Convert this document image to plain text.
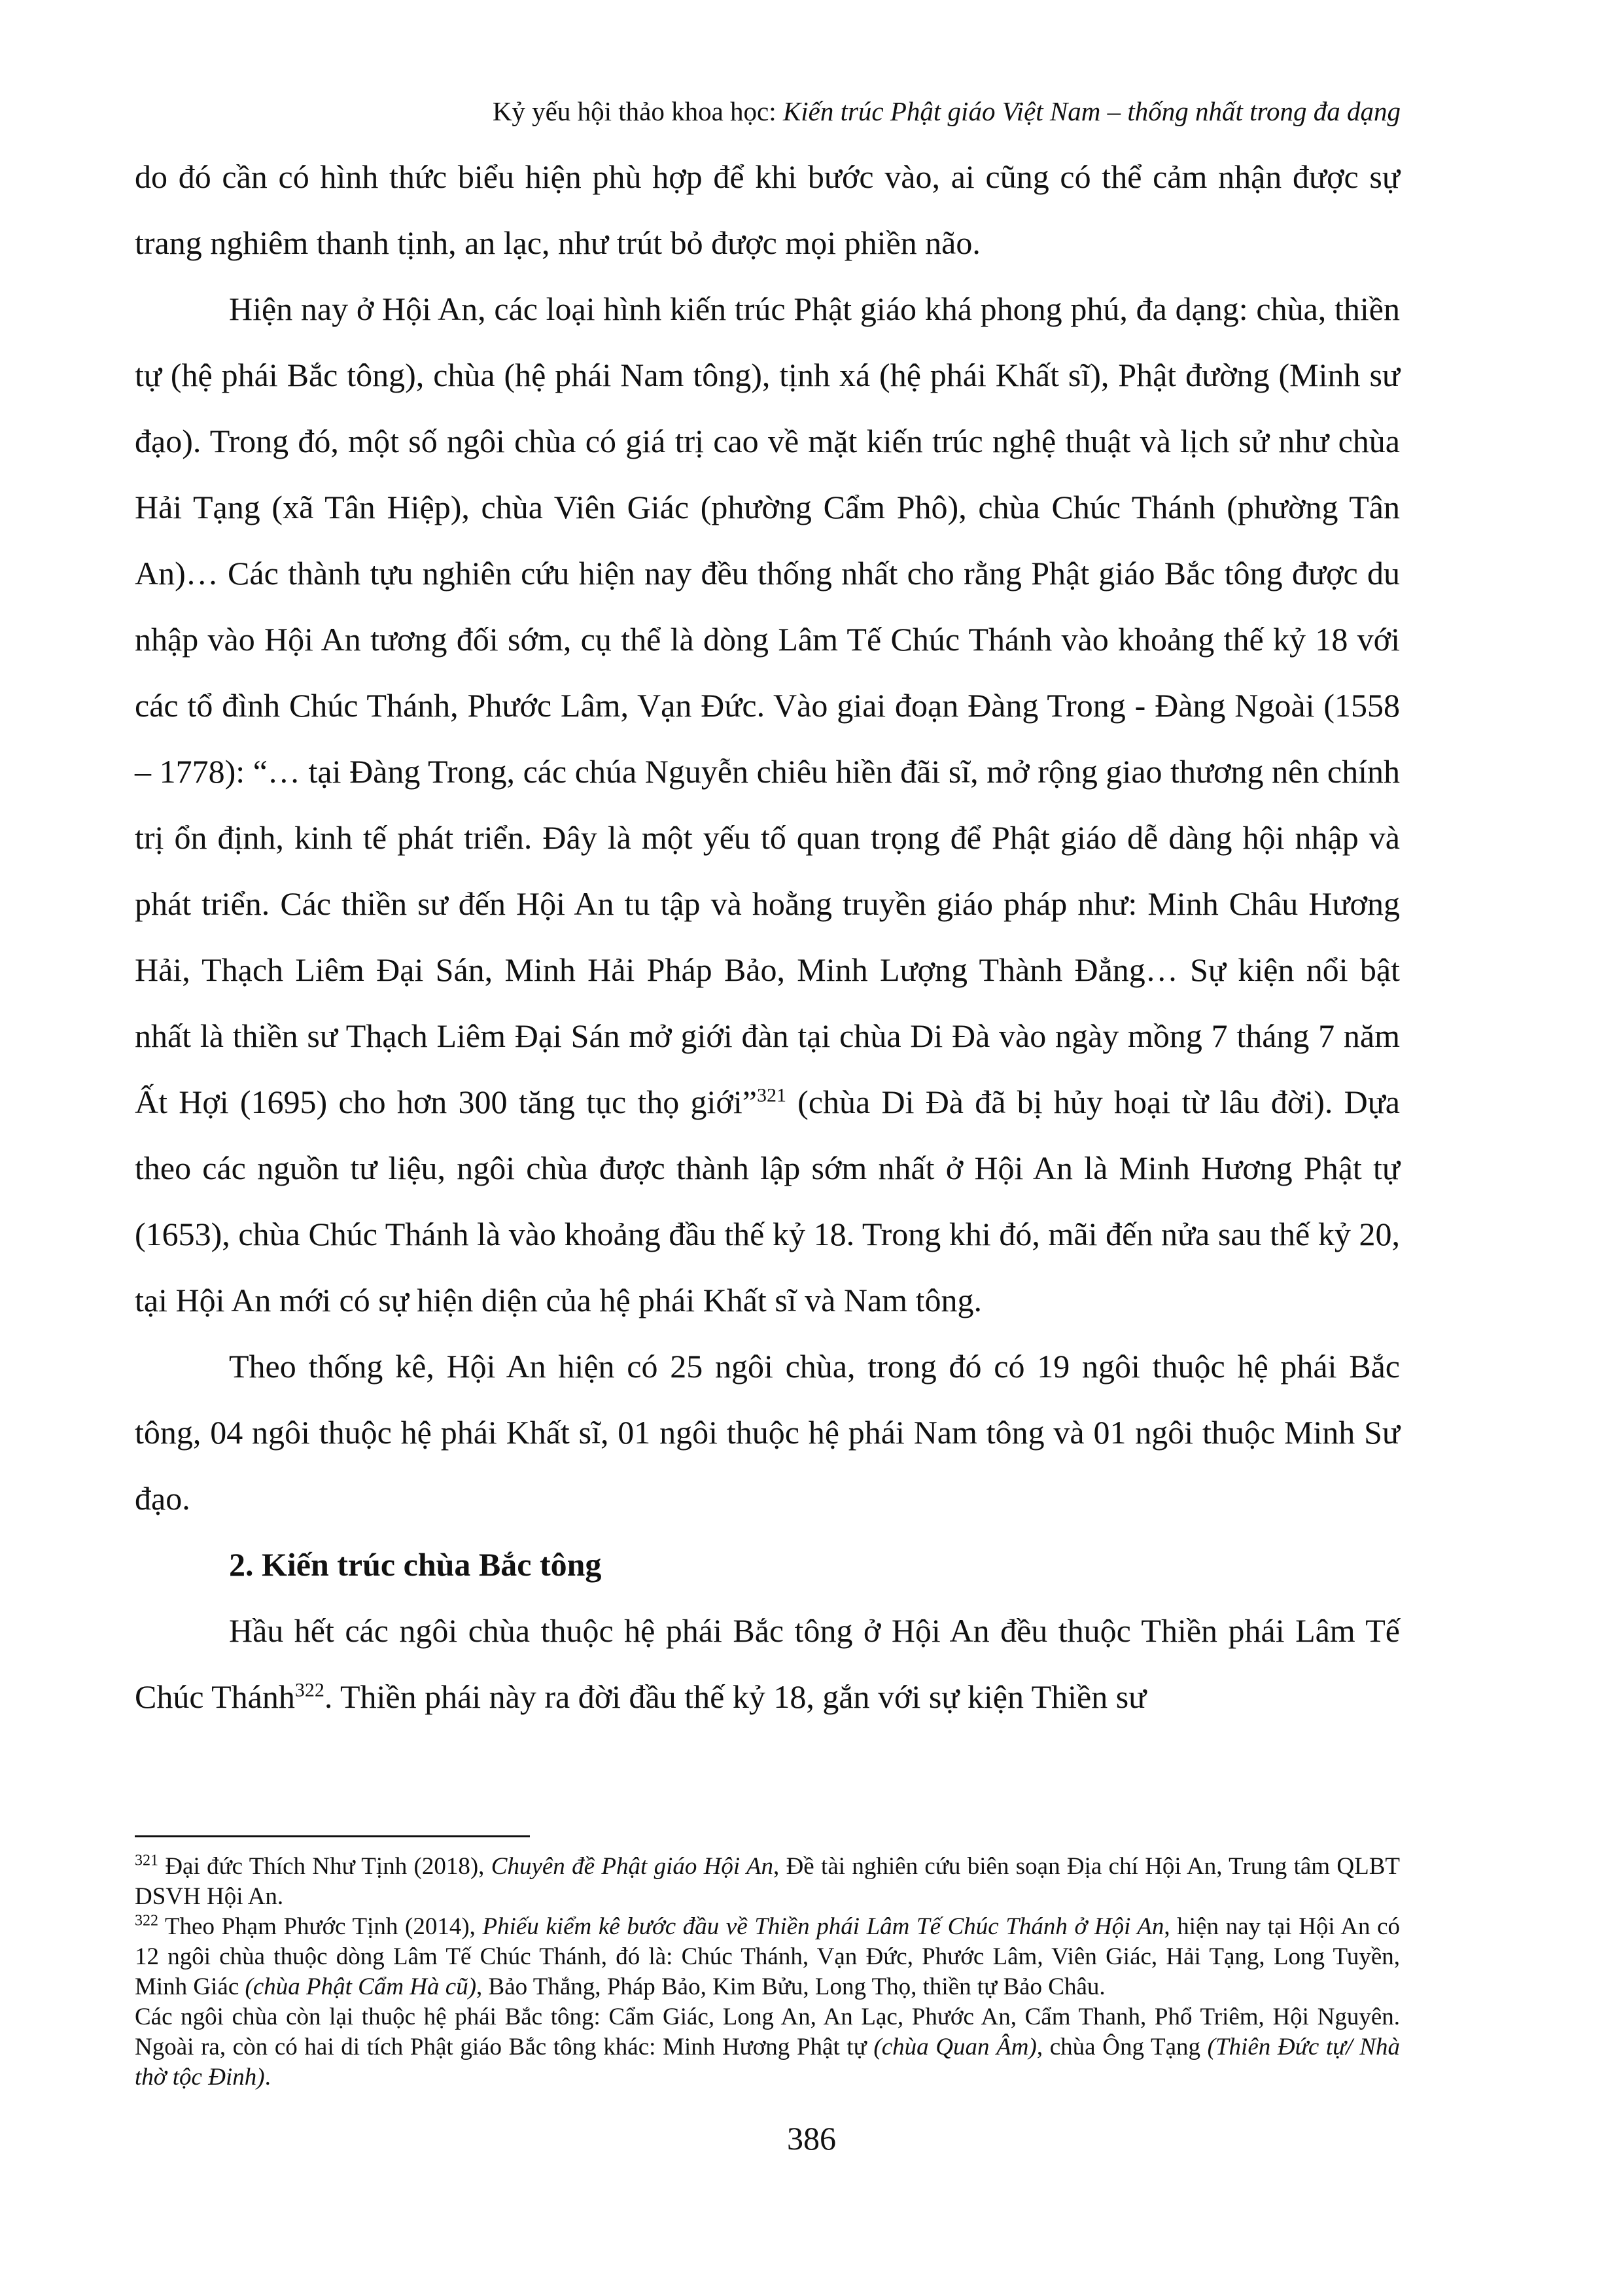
Kỷ yếu hội thảo khoa học: Kiến trúc Phật giáo Việt Nam – thống nhất trong đa dạng

do đó cần có hình thức biểu hiện phù hợp để khi bước vào, ai cũng có thể cảm nhận được sự trang nghiêm thanh tịnh, an lạc, như trút bỏ được mọi phiền não.

Hiện nay ở Hội An, các loại hình kiến trúc Phật giáo khá phong phú, đa dạng: chùa, thiền tự (hệ phái Bắc tông), chùa (hệ phái Nam tông), tịnh xá (hệ phái Khất sĩ), Phật đường (Minh sư đạo). Trong đó, một số ngôi chùa có giá trị cao về mặt kiến trúc nghệ thuật và lịch sử như chùa Hải Tạng (xã Tân Hiệp), chùa Viên Giác (phường Cẩm Phô), chùa Chúc Thánh (phường Tân An)… Các thành tựu nghiên cứu hiện nay đều thống nhất cho rằng Phật giáo Bắc tông được du nhập vào Hội An tương đối sớm, cụ thể là dòng Lâm Tế Chúc Thánh vào khoảng thế kỷ 18 với các tổ đình Chúc Thánh, Phước Lâm, Vạn Đức. Vào giai đoạn Đàng Trong - Đàng Ngoài (1558 – 1778): “… tại Đàng Trong, các chúa Nguyễn chiêu hiền đãi sĩ, mở rộng giao thương nên chính trị ổn định, kinh tế phát triển. Đây là một yếu tố quan trọng để Phật giáo dễ dàng hội nhập và phát triển. Các thiền sư đến Hội An tu tập và hoằng truyền giáo pháp như: Minh Châu Hương Hải, Thạch Liêm Đại Sán, Minh Hải Pháp Bảo, Minh Lượng Thành Đẳng… Sự kiện nổi bật nhất là thiền sư Thạch Liêm Đại Sán mở giới đàn tại chùa Di Đà vào ngày mồng 7 tháng 7 năm Ất Hợi (1695) cho hơn 300 tăng tục thọ giới”$^{321}$ (chùa Di Đà đã bị hủy hoại từ lâu đời). Dựa theo các nguồn tư liệu, ngôi chùa được thành lập sớm nhất ở Hội An là Minh Hương Phật tự (1653), chùa Chúc Thánh là vào khoảng đầu thế kỷ 18. Trong khi đó, mãi đến nửa sau thế kỷ 20, tại Hội An mới có sự hiện diện của hệ phái Khất sĩ và Nam tông.

Theo thống kê, Hội An hiện có 25 ngôi chùa, trong đó có 19 ngôi thuộc hệ phái Bắc tông, 04 ngôi thuộc hệ phái Khất sĩ, 01 ngôi thuộc hệ phái Nam tông và 01 ngôi thuộc Minh Sư đạo.

2. Kiến trúc chùa Bắc tông

Hầu hết các ngôi chùa thuộc hệ phái Bắc tông ở Hội An đều thuộc Thiền phái Lâm Tế Chúc Thánh$^{322}$. Thiền phái này ra đời đầu thế kỷ 18, gắn với sự kiện Thiền sư

$^{321}$ Đại đức Thích Như Tịnh (2018), Chuyên đề Phật giáo Hội An, Đề tài nghiên cứu biên soạn Địa chí Hội An, Trung tâm QLBT DSVH Hội An.

$^{322}$ Theo Phạm Phước Tịnh (2014), Phiếu kiểm kê bước đầu về Thiền phái Lâm Tế Chúc Thánh ở Hội An, hiện nay tại Hội An có 12 ngôi chùa thuộc dòng Lâm Tế Chúc Thánh, đó là: Chúc Thánh, Vạn Đức, Phước Lâm, Viên Giác, Hải Tạng, Long Tuyền, Minh Giác (chùa Phật Cẩm Hà cũ), Bảo Thắng, Pháp Bảo, Kim Bửu, Long Thọ, thiền tự Bảo Châu.

Các ngôi chùa còn lại thuộc hệ phái Bắc tông: Cẩm Giác, Long An, An Lạc, Phước An, Cẩm Thanh, Phổ Triêm, Hội Nguyên. Ngoài ra, còn có hai di tích Phật giáo Bắc tông khác: Minh Hương Phật tự (chùa Quan Âm), chùa Ông Tạng (Thiên Đức tự/ Nhà thờ tộc Đinh).

386
